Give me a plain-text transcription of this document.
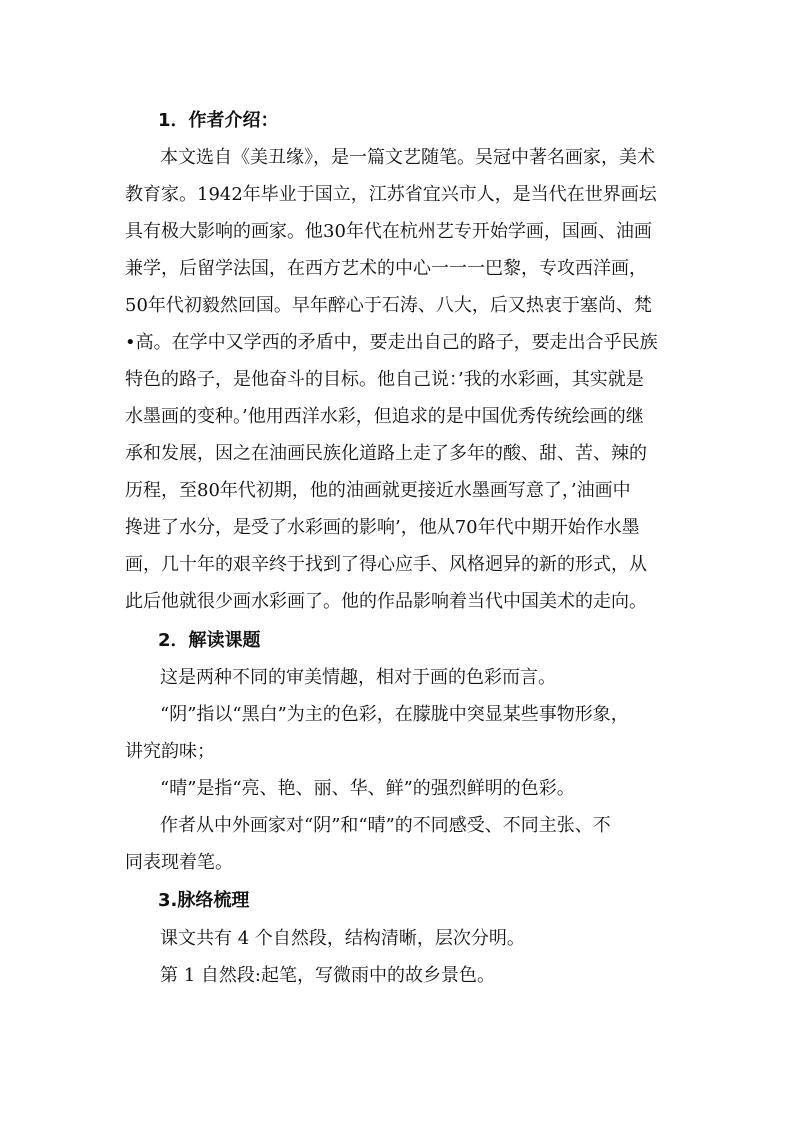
1．作者介绍：
本文选自《美丑缘》，是一篇文艺随笔。吴冠中著名画家，美术
教育家。1942年毕业于国立，江苏省宜兴市人，是当代在世界画坛
具有极大影响的画家。他30年代在杭州艺专开始学画，国画、油画
兼学，后留学法国，在西方艺术的中心一一一巴黎，专攻西洋画，
50年代初毅然回国。早年醉心于石涛、八大，后又热衷于塞尚、梵
•高。在学中又学西的矛盾中，要走出自己的路子，要走出合乎民族
特色的路子，是他奋斗的目标。他自己说：’我的水彩画，其实就是
水墨画的变种。’他用西洋水彩，但追求的是中国优秀传统绘画的继
承和发展，因之在油画民族化道路上走了多年的酸、甜、苦、辣的
历程，至80年代初期，他的油画就更接近水墨画写意了，’油画中
搀进了水分，是受了水彩画的影响’，他从70年代中期开始作水墨
画，几十年的艰辛终于找到了得心应手、风格迥异的新的形式，从
此后他就很少画水彩画了。他的作品影响着当代中国美术的走向。
2．解读课题
这是两种不同的审美情趣，相对于画的色彩而言。
“阴”指以“黑白”为主的色彩，在朦胧中突显某些事物形象，
讲究韵味；
“晴”是指“亮、艳、丽、华、鲜”的强烈鲜明的色彩。
作者从中外画家对“阴”和“晴”的不同感受、不同主张、不
同表现着笔。
3.脉络梳理
课文共有 4 个自然段，结构清晰，层次分明。
第 1 自然段:起笔，写微雨中的故乡景色。
